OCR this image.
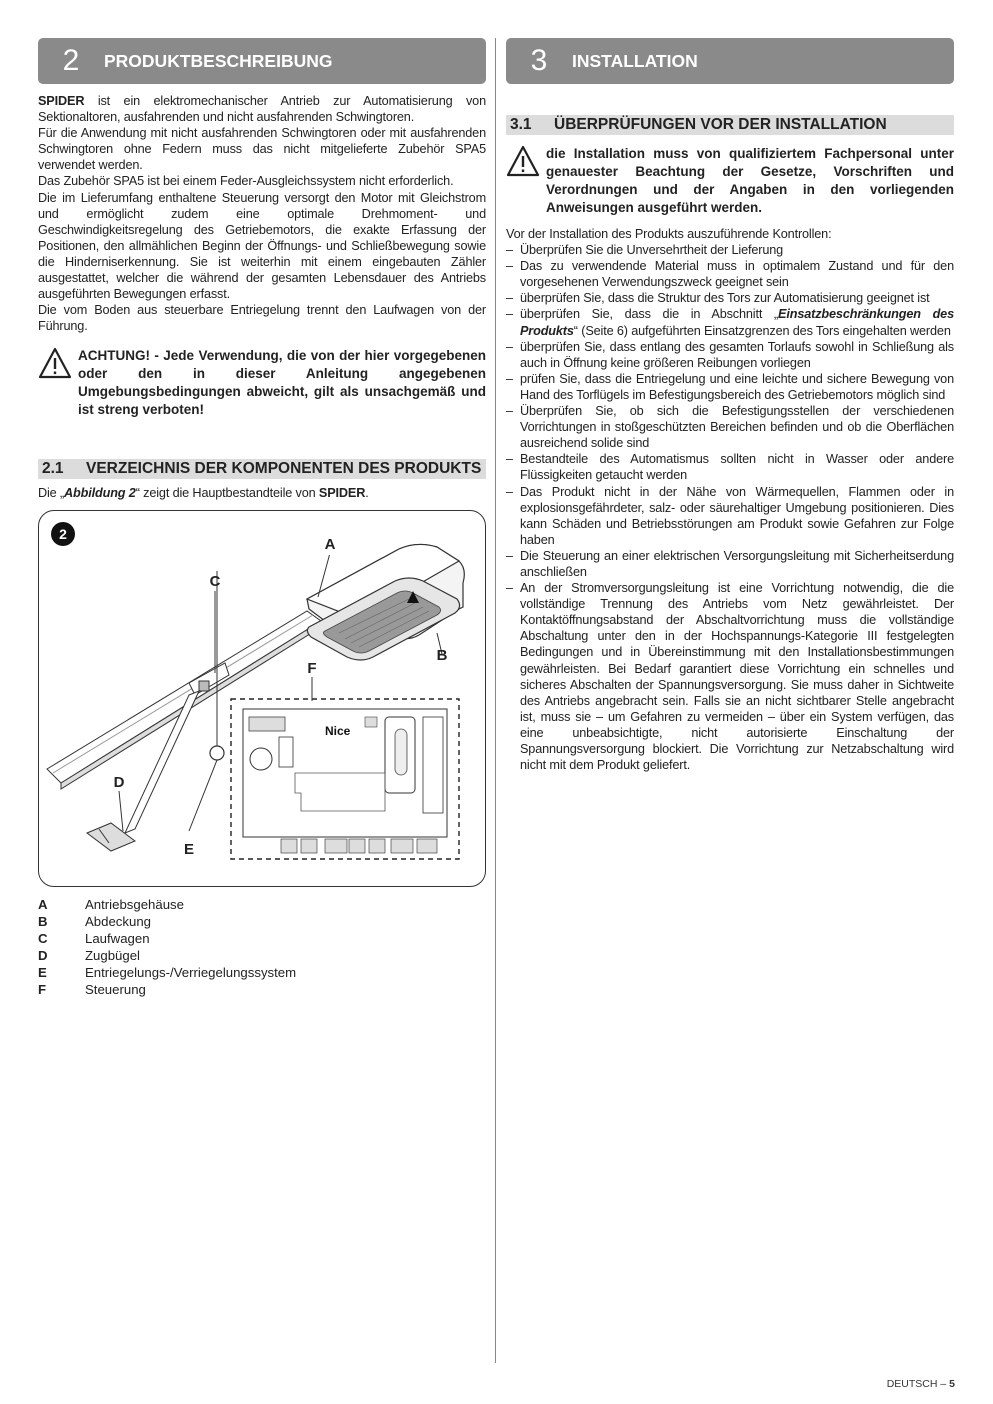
2	PRODUKTBESCHREIBUNG

SPIDER ist ein elektromechanischer Antrieb zur Automatisierung von Sektionaltoren, ausfahrenden und nicht ausfahrenden Schwingtoren.

Für die Anwendung mit nicht ausfahrenden Schwingtoren oder mit ausfahrenden Schwingtoren ohne Federn muss das nicht mitgelieferte Zubehör SPA5 verwendet werden.

Das Zubehör SPA5 ist bei einem Feder-Ausgleichssystem nicht erforderlich.

Die im Lieferumfang enthaltene Steuerung versorgt den Motor mit Gleichstrom und ermöglicht zudem eine optimale Drehmoment- und Geschwindigkeitsregelung des Getriebemotors, die exakte Erfassung der Positionen, den allmählichen Beginn der Öffnungs- und Schließbewegung sowie die Hinderniserkennung. Sie ist weiterhin mit einem eingebauten Zähler ausgestattet, welcher die während der gesamten Lebensdauer des Antriebs ausgeführten Bewegungen erfasst.

Die vom Boden aus steuerbare Entriegelung trennt den Laufwagen von der Führung.

ACHTUNG! - Jede Verwendung, die von der hier vorgegebenen oder den in dieser Anleitung angegebenen Umgebungsbedingungen abweicht, gilt als unsachgemäß und ist streng verboten!
2.1	VERZEICHNIS DER KOMPONENTEN DES PRODUKTS

Die „Abbildung 2“ zeigt die Hauptbestandteile von SPIDER.

2
Nice
A
B
C
D
E
F
A	Antriebsgehäuse
B	Abdeckung
C	Laufwagen
D	Zugbügel
E	Entriegelungs-/Verriegelungssystem
F	Steuerung
3	INSTALLATION
3.1	ÜBERPRÜFUNGEN VOR DER INSTALLATION
die Installation muss von qualifiziertem Fachpersonal unter genauester Beachtung der Gesetze, Vorschriften und Verordnungen und der Angaben in den vorliegenden Anweisungen ausgeführt werden.

Vor der Installation des Produkts auszuführende Kontrollen:

– Überprüfen Sie die Unversehrtheit der Lieferung
– Das zu verwendende Material muss in optimalem Zustand und für den vorgesehenen Verwendungszweck geeignet sein
– überprüfen Sie, dass die Struktur des Tors zur Automatisierung geeignet ist
– überprüfen Sie, dass die in Abschnitt „Einsatzbeschränkungen des Produkts“ (Seite 6) aufgeführten Einsatzgrenzen des Tors eingehalten werden
– überprüfen Sie, dass entlang des gesamten Torlaufs sowohl in Schließung als auch in Öffnung keine größeren Reibungen vorliegen
– prüfen Sie, dass die Entriegelung und eine leichte und sichere Bewegung von Hand des Torflügels im Befestigungsbereich des Getriebemotors möglich sind
– Überprüfen Sie, ob sich die Befestigungsstellen der verschiedenen Vorrichtungen in stoßgeschützten Bereichen befinden und ob die Oberflächen ausreichend solide sind
– Bestandteile des Automatismus sollten nicht in Wasser oder andere Flüssigkeiten getaucht werden
– Das Produkt nicht in der Nähe von Wärmequellen, Flammen oder in explosionsgefährdeter, salz- oder säurehaltiger Umgebung positionieren. Dies kann Schäden und Betriebsstörungen am Produkt sowie Gefahren zur Folge haben
– Die Steuerung an einer elektrischen Versorgungsleitung mit Sicherheitserdung anschließen
– An der Stromversorgungsleitung ist eine Vorrichtung notwendig, die die vollständige Trennung des Antriebs vom Netz gewährleistet. Der Kontaktöffnungsabstand der Abschaltvorrichtung muss die vollständige Abschaltung unter den in der Hochspannungs-Kategorie III festgelegten Bedingungen und in Übereinstimmung mit den Installationsbestimmungen gewährleisten. Bei Bedarf garantiert diese Vorrichtung ein schnelles und sicheres Abschalten der Spannungsversorgung. Sie muss daher in Sichtweite des Antriebs angebracht sein. Falls sie an nicht sichtbarer Stelle angebracht ist, muss sie – um Gefahren zu vermeiden – über ein System verfügen, das eine unbeabsichtigte, nicht autorisierte Einschaltung der Spannungsversorgung blockiert. Die Vorrichtung zur Netzabschaltung wird nicht mit dem Produkt geliefert.
DEUTSCH – 5
